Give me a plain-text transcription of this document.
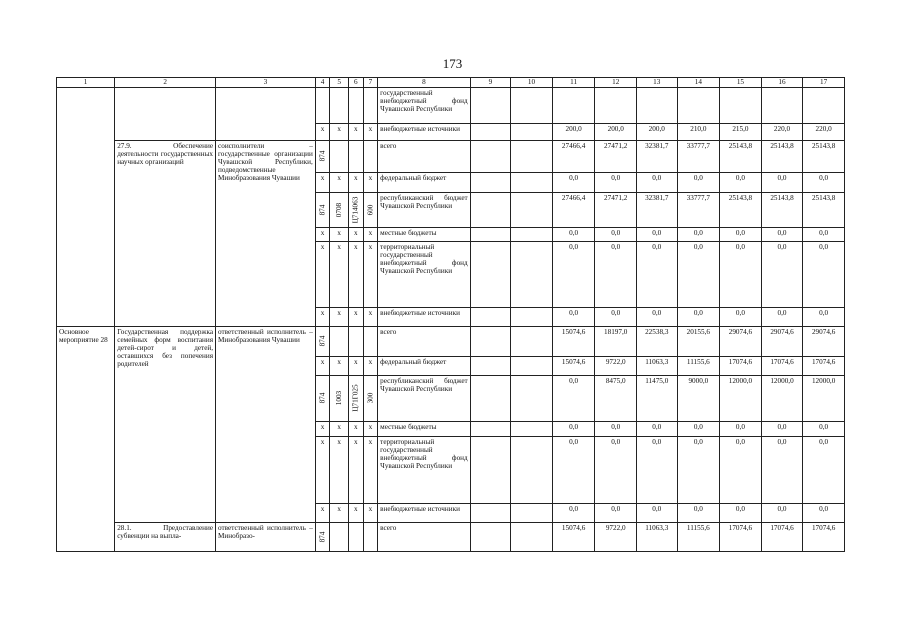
173
1	2	3	4	5	6	7	8	9	10	11	12	13	14	15	16	17
							государственный внебюджетный фонд Чувашской Республики									
			x	x	x	x	внебюджетные источники			200,0	200,0	200,0	210,0	215,0	220,0	220,0
	27.9. Обеспечение деятельности государственных научных организаций	соисполнители – государственные организации Чувашской Республики, подведомственные Минобразования Чувашии	874				всего			27466,4	27471,2	32381,7	33777,7	25143,8	25143,8	25143,8
			x	x	x	x	федеральный бюджет			0,0	0,0	0,0	0,0	0,0	0,0	0,0

			874	0708	Ц714063	600	республиканский бюджет Чувашской Республики			27466,4	27471,2	32381,7	33777,7	25143,8	25143,8	25143,8
			x	x	x	x	местные бюджеты			0,0	0,0	0,0	0,0	0,0	0,0	0,0
			x	x	x	x	территориальный государственный внебюджетный фонд Чувашской Республики			0,0	0,0	0,0	0,0	0,0	0,0	0,0
			x	x	x	x	внебюджетные источники			0,0	0,0	0,0	0,0	0,0	0,0	0,0
Основное мероприятие 28	Государственная поддержка семейных форм воспитания детей-сирот и детей, оставшихся без попечения родителей	ответственный исполнитель – Минобразования Чувашии	874				всего			15074,6	18197,0	22538,3	20155,6	29074,6	29074,6	29074,6
			x	x	x	x	федеральный бюджет			15074,6	9722,0	11063,3	11155,6	17074,6	17074,6	17074,6

			874	1003	Ц71Г025	300	республиканский бюджет Чувашской Республики			0,0	8475,0	11475,0	9000,0	12000,0	12000,0	12000,0
			x	x	x	x	местные бюджеты			0,0	0,0	0,0	0,0	0,0	0,0	0,0
			x	x	x	x	территориальный государственный внебюджетный фонд Чувашской Республики			0,0	0,0	0,0	0,0	0,0	0,0	0,0
			x	x	x	x	внебюджетные источники			0,0	0,0	0,0	0,0	0,0	0,0	0,0
	28.1. Предоставление субвенции на выпла-	ответственный исполнитель – Минобразо-	874				всего			15074,6	9722,0	11063,3	11155,6	17074,6	17074,6	17074,6
